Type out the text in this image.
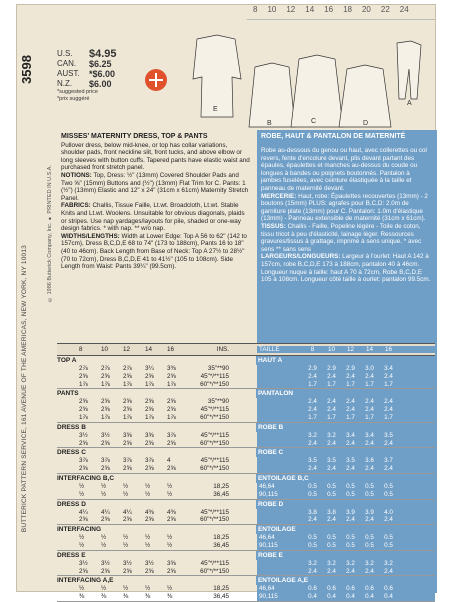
8 10 12 14 16 18 20 22 24
3598
U.S.	$4.95
CAN.	$6.25
AUST. *$6.00
N.Z.	$6.00
*suggested price
*prix suggéré
E
B	C	D
A
BUTTERICK PATTERN SERVICE, 161 AVENUE OF THE AMERICAS, NEW YORK, NY 10013
© 1986 Butterick Company, Inc. ● PRINTED IN U.S.A.
MISSES' MATERNITY DRESS, TOP & PANTS
Pullover dress, below mid-knee, or top has collar variations, shoulder pads, front neckline slit, front tucks, and above elbow or long sleeves with button cuffs. Tapered pants have elastic waist and purchased front stretch panel.
NOTIONS: Top, Dress: ½" (13mm) Covered Shoulder Pads and Two ⅝" (15mm) Buttons and (½") (13mm) Flat Trim for C. Pants: 1 (½") (13mm) Elastic and 12" x 24" (31cm x 61cm) Maternity Stretch Panel.
FABRICS: Challis, Tissue Faille, Lt.wt. Broadcloth, Lt.wt. Stable Knits and Lt.wt. Woolens. Unsuitable for obvious diagonals, plaids or stripes. Use nap yardages/layouts for pile, shaded or one-way design fabrics. * with nap. ** w/o nap.
WIDTHS/LENGTHS: Width at Lower Edge: Top A 56 to 62" (142 to 157cm), Dress B,C,D,E 68 to 74" (173 to 188cm), Pants 16 to 18" (40 to 46cm). Back Length from Base of Neck: Top A 27½ to 28½" (70 to 72cm), Dress B,C,D,E 41 to 41½" (105 to 108cm). Side Length from Waist: Pants 39¼" (99.5cm).
ROBE, HAUT & PANTALON DE MATERNITÉ
Robe au-dessous du genou ou haut, avec collerettes ou col revers, fente d'encolure devant, plis devant partant des épaules, épaulettes et manches au-dessus du coude ou longues à bandes ou poignets boutonnés. Pantalon à jambes fuselées, avec ceinture élastiquée à la taille et panneau de maternité devant.
MERCERIE: Haut, robe: Épaulettes recouvertes (13mm) - 2 boutons (15mm) PLUS: agrafes pour B,C,D: 2.0m de garniture plate (13mm) pour C. Pantalon: 1.0m d'élastique (13mm) - Panneau extensible de maternité (31cm x 61cm).
TISSUS: Challis - Faille, Popeline légère - Toile de coton, tissu tricot à peu d'élasticité, lainage léger. Ressources gravures/tissus à grattage, imprimé à sens unique. * avec sens ** sans sens
LARGEURS/LONGUEURS: Largeur à l'ourlet: Haut A 142 à 157cm, robe B,C,D,E 173 à 188cm, pantalon 40 à 46cm. Longueur nuque à taille: haut A 70 à 72cm, Robe B,C,D,E 105 à 108cm. Longueur côté taille à ourlet: pantalon 99.5cm.
8	10	12	14	16	INS.	TAILLE	8	10	12	14	16
TOP A	HAUT A
2⅞	2⅞	2⅞	3¼	3⅜	35"**90	2.9	2.9	2.9	3.0	3.4
2⅝	2⅝	2⅝	2⅝	2⅝	45"*/**115	2.4	2.4	2.4	2.4	2.4
1⅞	1⅞	1⅞	1⅞	1⅞	60"*/**150	1.7	1.7	1.7	1.7	1.7
PANTS	PANTALON
2⅝	2⅝	2⅝	2⅝	2⅝	35"**90	2.4	2.4	2.4	2.4	2.4
2⅝	2⅝	2⅝	2⅝	2⅝	45"*/**115	2.4	2.4	2.4	2.4	2.4
1⅞	1⅞	1⅞	1⅞	1⅞	60"*/**150	1.7	1.7	1.7	1.7	1.7
DRESS B	ROBE B
3½	3½	3⅝	3⅝	3⅞	45"*/**115	3.2	3.2	3.4	3.4	3.5
2⅝	2⅝	2⅝	2⅝	2⅝	60"*/**150	2.4	2.4	2.4	2.4	2.4
DRESS C	ROBE C
3⅞	3⅞	3⅞	3⅞	4	45"*/**115	3.5	3.5	3.5	3.6	3.7
2⅝	2⅝	2⅝	2⅝	2⅝	60"*/**150	2.4	2.4	2.4	2.4	2.4
INTERFACING B,C	ENTOILAGE B,C
½	½	½	½	½	18,25	46,64	0.5	0.5	0.5	0.5	0.5
½	½	½	½	½	36,45	90,115	0.5	0.5	0.5	0.5	0.5
DRESS D	ROBE D
4¼	4¼	4¼	4⅜	4⅜	45"*/**115	3.8	3.8	3.9	3.9	4.0
2⅝	2⅝	2⅝	2⅝	2⅝	60"*/**150	2.4	2.4	2.4	2.4	2.4
INTERFACING	ENTOILAGE
½	½	½	½	½	18,25	46,64	0.5	0.5	0.5	0.5	0.5
½	½	½	½	½	36,45	90,115	0.5	0.5	0.5	0.5	0.5
DRESS E	ROBE E
3½	3½	3½	3½	3⅝	45"*/**115	3.2	3.2	3.2	3.2	3.2
2⅝	2⅝	2⅝	2⅝	2⅝	60"*/**150	2.4	2.4	2.4	2.4	2.4
INTERFACING A,E	ENTOILAGE A,E
½	½	½	½	½	18,25	46,64	0.6	0.6	0.6	0.6	0.6
⅜	⅜	⅜	⅜	⅜	36,45	90,115	0.4	0.4	0.4	0.4	0.4
